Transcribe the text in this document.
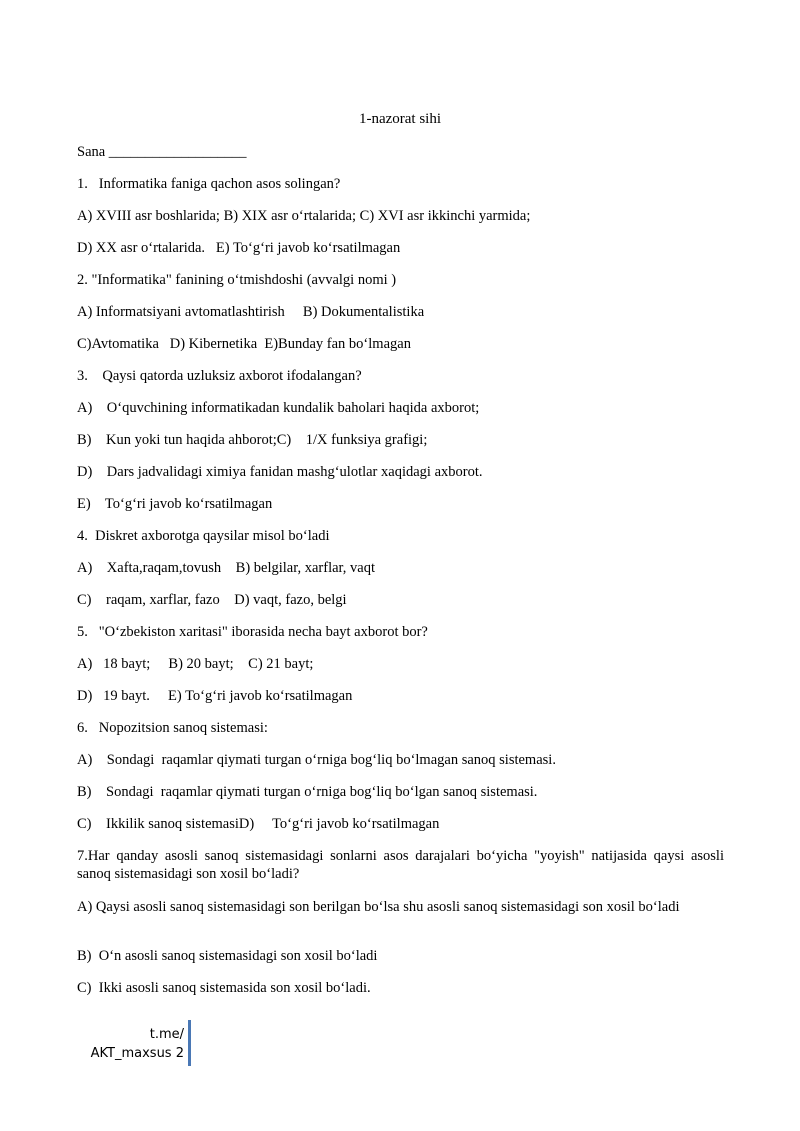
1-nazorat sihi
Sana ___________________
1.   Informatika faniga qachon asos solingan?
A) XVIII asr boshlarida; B) XIX asr oʻrtalarida; C) XVI asr ikkinchi yarmida;
D) XX asr oʻrtalarida.   E) Toʻgʻri javob koʻrsatilmagan
2. "Informatika" fanining oʻtmishdoshi (avvalgi nomi )
A) Informatsiyani avtomatlashtirish     B) Dokumentalistika
C)Avtomatika   D) Kibernetika  E)Bunday fan boʻlmagan
3.    Qaysi qatorda uzluksiz axborot ifodalangan?
A)    Oʻquvchining informatikadan kundalik baholari haqida axborot;
B)    Kun yoki tun haqida ahborot;C)    1/X funksiya grafigi;
D)    Dars jadvalidagi ximiya fanidan mashgʻulotlar xaqidagi axborot.
E)    Toʻgʻri javob koʻrsatilmagan
4.  Diskret axborotga qaysilar misol boʻladi
A)    Xafta,raqam,tovush    B) belgilar, xarflar, vaqt
C)    raqam, xarflar, fazo    D) vaqt, fazo, belgi
5.   "Oʻzbekiston xaritasi" iborasida necha bayt axborot bor?
A)   18 bayt;     B) 20 bayt;    C) 21 bayt;
D)   19 bayt.     E) Toʻgʻri javob koʻrsatilmagan
6.   Nopozitsion sanoq sistemasi:
A)    Sondagi  raqamlar qiymati turgan oʻrniga bogʻliq boʻlmagan sanoq sistemasi.
B)    Sondagi  raqamlar qiymati turgan oʻrniga bogʻliq boʻlgan sanoq sistemasi.
C)    Ikkilik sanoq sistemasiD)     Toʻgʻri javob koʻrsatilmagan
7.Har qanday asosli sanoq sistemasidagi sonlarni asos darajalari boʻyicha "yoyish" natijasida qaysi asosli sanoq sistemasidagi son xosil boʻladi?
A) Qaysi asosli sanoq sistemasidagi son berilgan boʻlsa shu asosli sanoq sistemasidagi son xosil boʻladi
B)  Oʻn asosli sanoq sistemasidagi son xosil boʻladi
C)  Ikki asosli sanoq sistemasida son xosil boʻladi.
t.me/
AKT_maxsus 2
